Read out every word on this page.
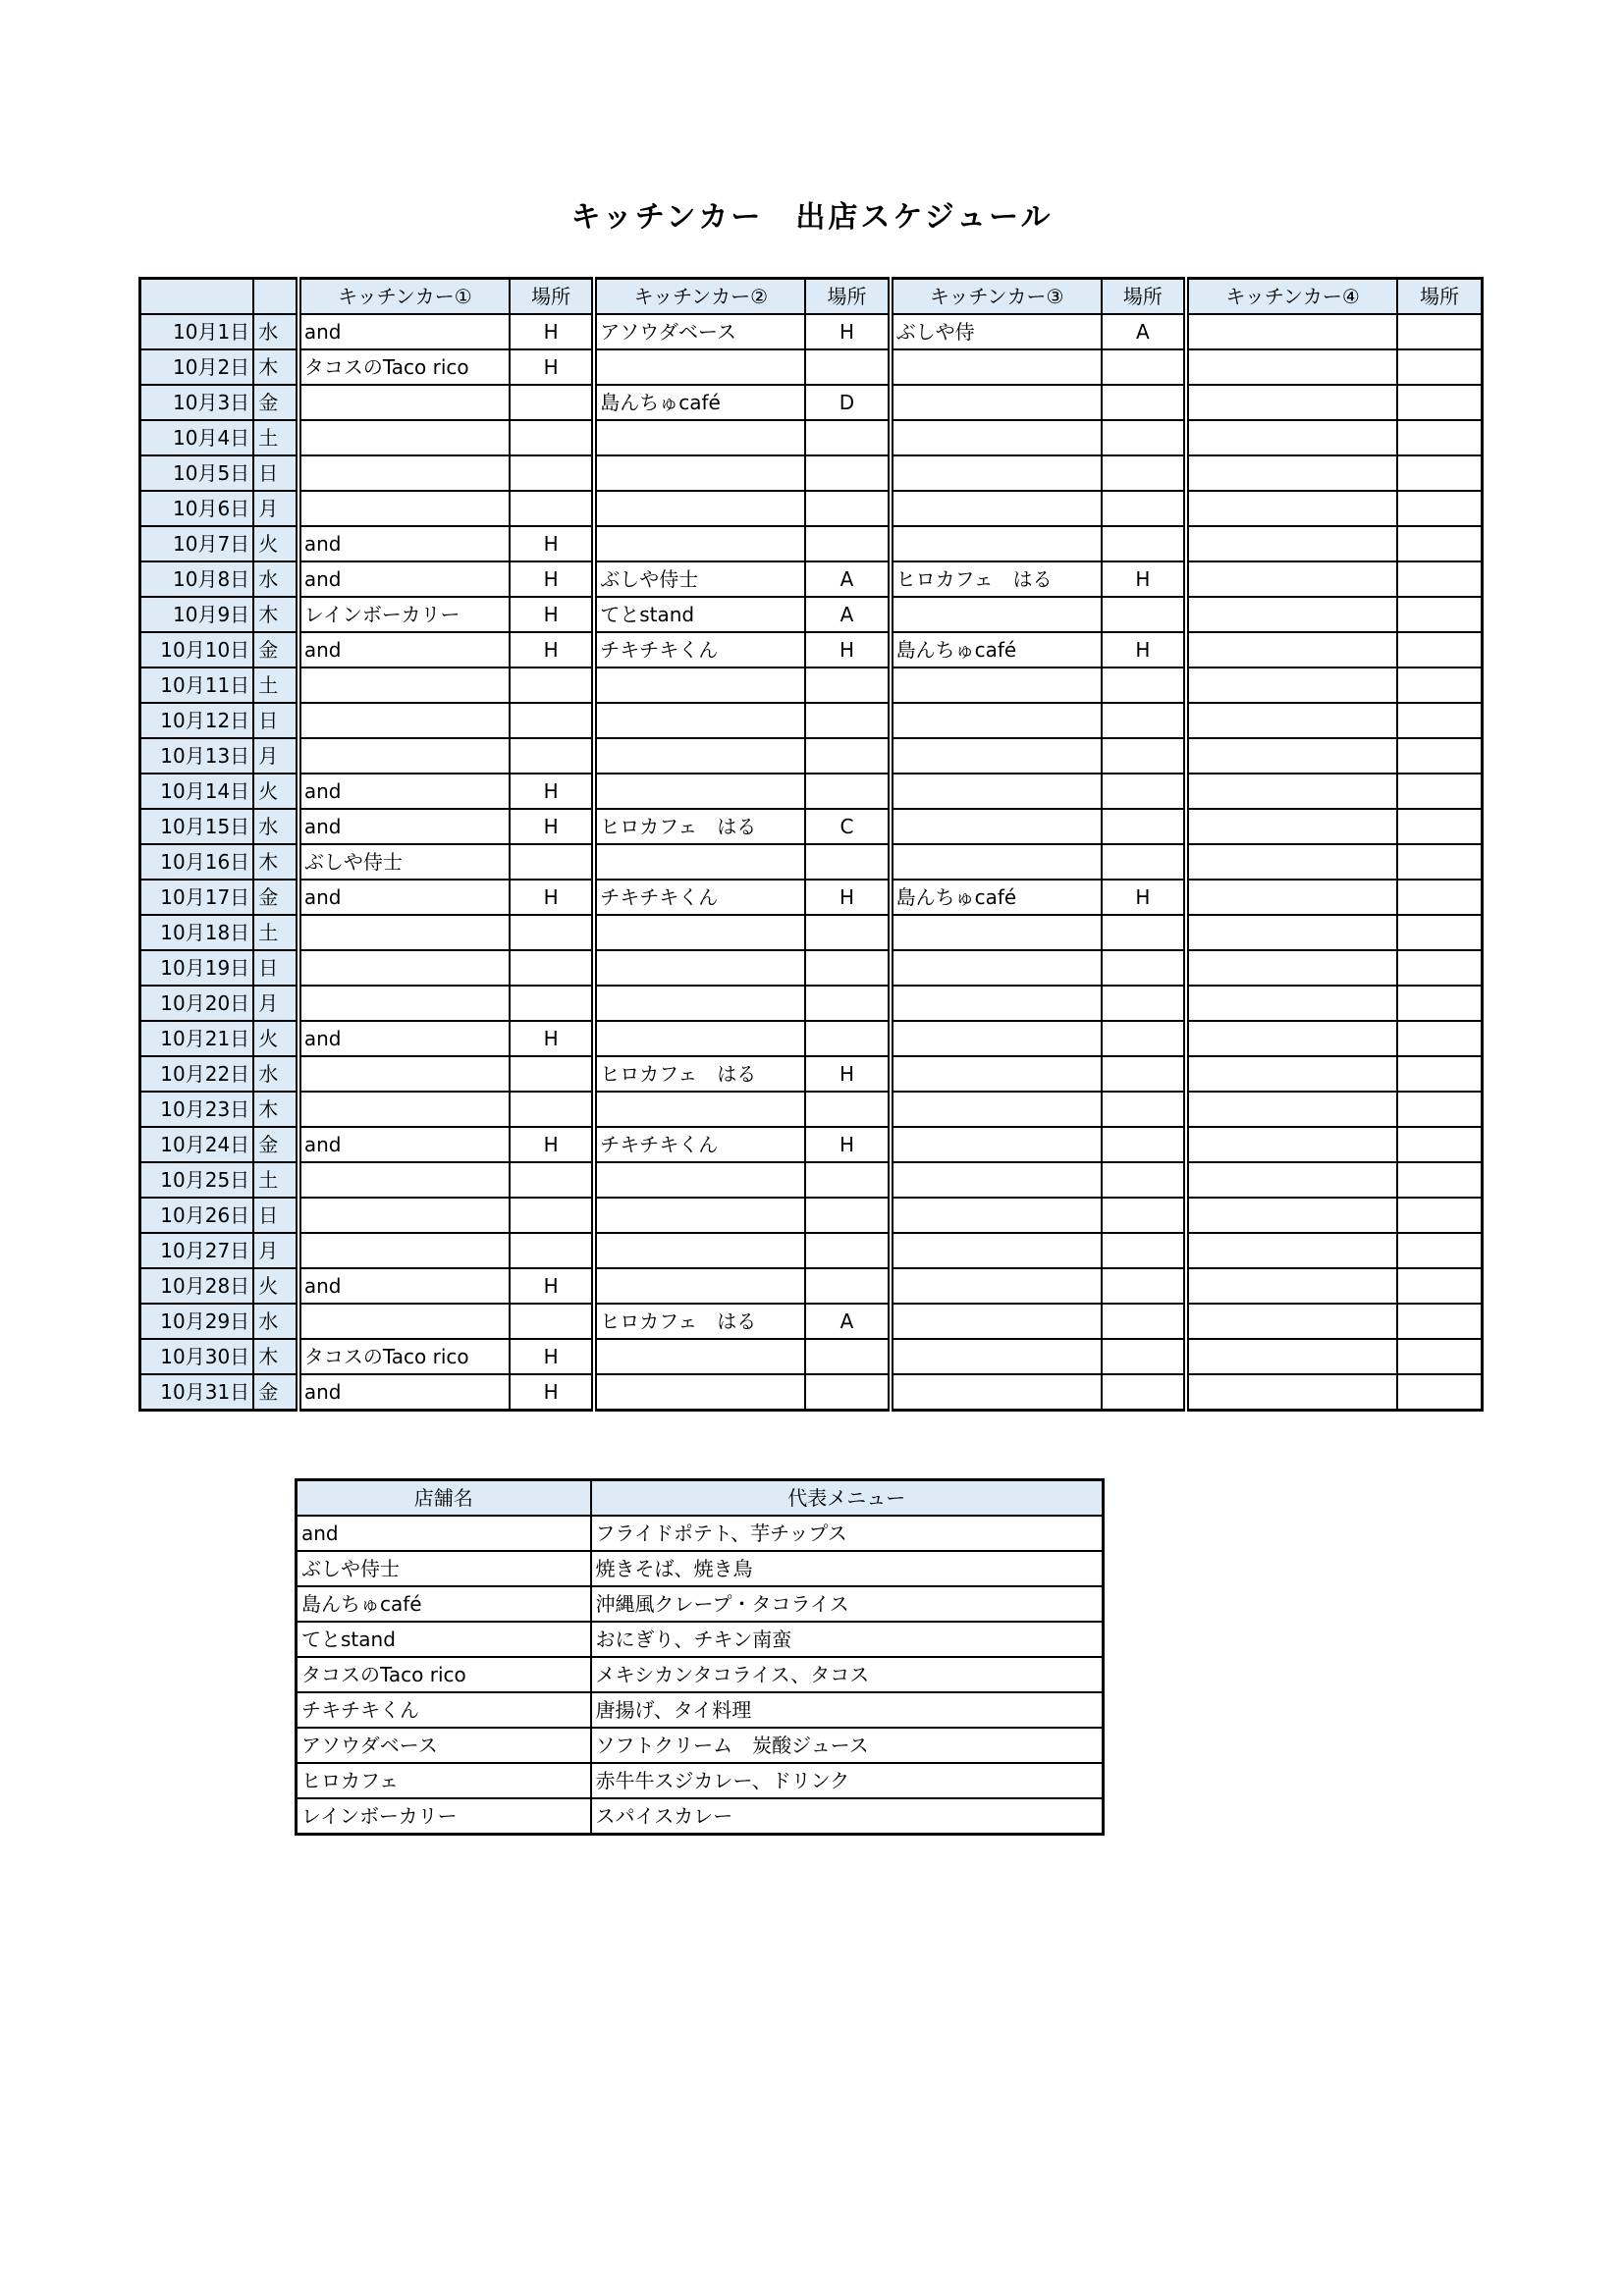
キッチンカー　出店スケジュール
		キッチンカー①	場所	キッチンカー②	場所	キッチンカー③	場所	キッチンカー④	場所
10月1日	水	and	H	アソウダベース	H	ぶしや侍	A		
10月2日	木	タコスのTaco rico	H						
10月3日	金			島んちゅcafé	D				
10月4日	土								
10月5日	日								
10月6日	月								
10月7日	火	and	H						
10月8日	水	and	H	ぶしや侍士	A	ヒロカフェ　はる	H		
10月9日	木	レインボーカリー	H	てとstand	A				
10月10日	金	and	H	チキチキくん	H	島んちゅcafé	H		
10月11日	土								
10月12日	日								
10月13日	月								
10月14日	火	and	H						
10月15日	水	and	H	ヒロカフェ　はる	C				
10月16日	木	ぶしや侍士							
10月17日	金	and	H	チキチキくん	H	島んちゅcafé	H		
10月18日	土								
10月19日	日								
10月20日	月								
10月21日	火	and	H						
10月22日	水			ヒロカフェ　はる	H				
10月23日	木								
10月24日	金	and	H	チキチキくん	H				
10月25日	土								
10月26日	日								
10月27日	月								
10月28日	火	and	H						
10月29日	水			ヒロカフェ　はる	A				
10月30日	木	タコスのTaco rico	H						
10月31日	金	and	H						
店舗名	代表メニュー
and	フライドポテト、芋チップス
ぶしや侍士	焼きそば、焼き鳥
島んちゅcafé	沖縄風クレープ・タコライス
てとstand	おにぎり、チキン南蛮
タコスのTaco rico	メキシカンタコライス、タコス
チキチキくん	唐揚げ、タイ料理
アソウダベース	ソフトクリーム　炭酸ジュース
ヒロカフェ	赤牛牛スジカレー、ドリンク
レインボーカリー	スパイスカレー
